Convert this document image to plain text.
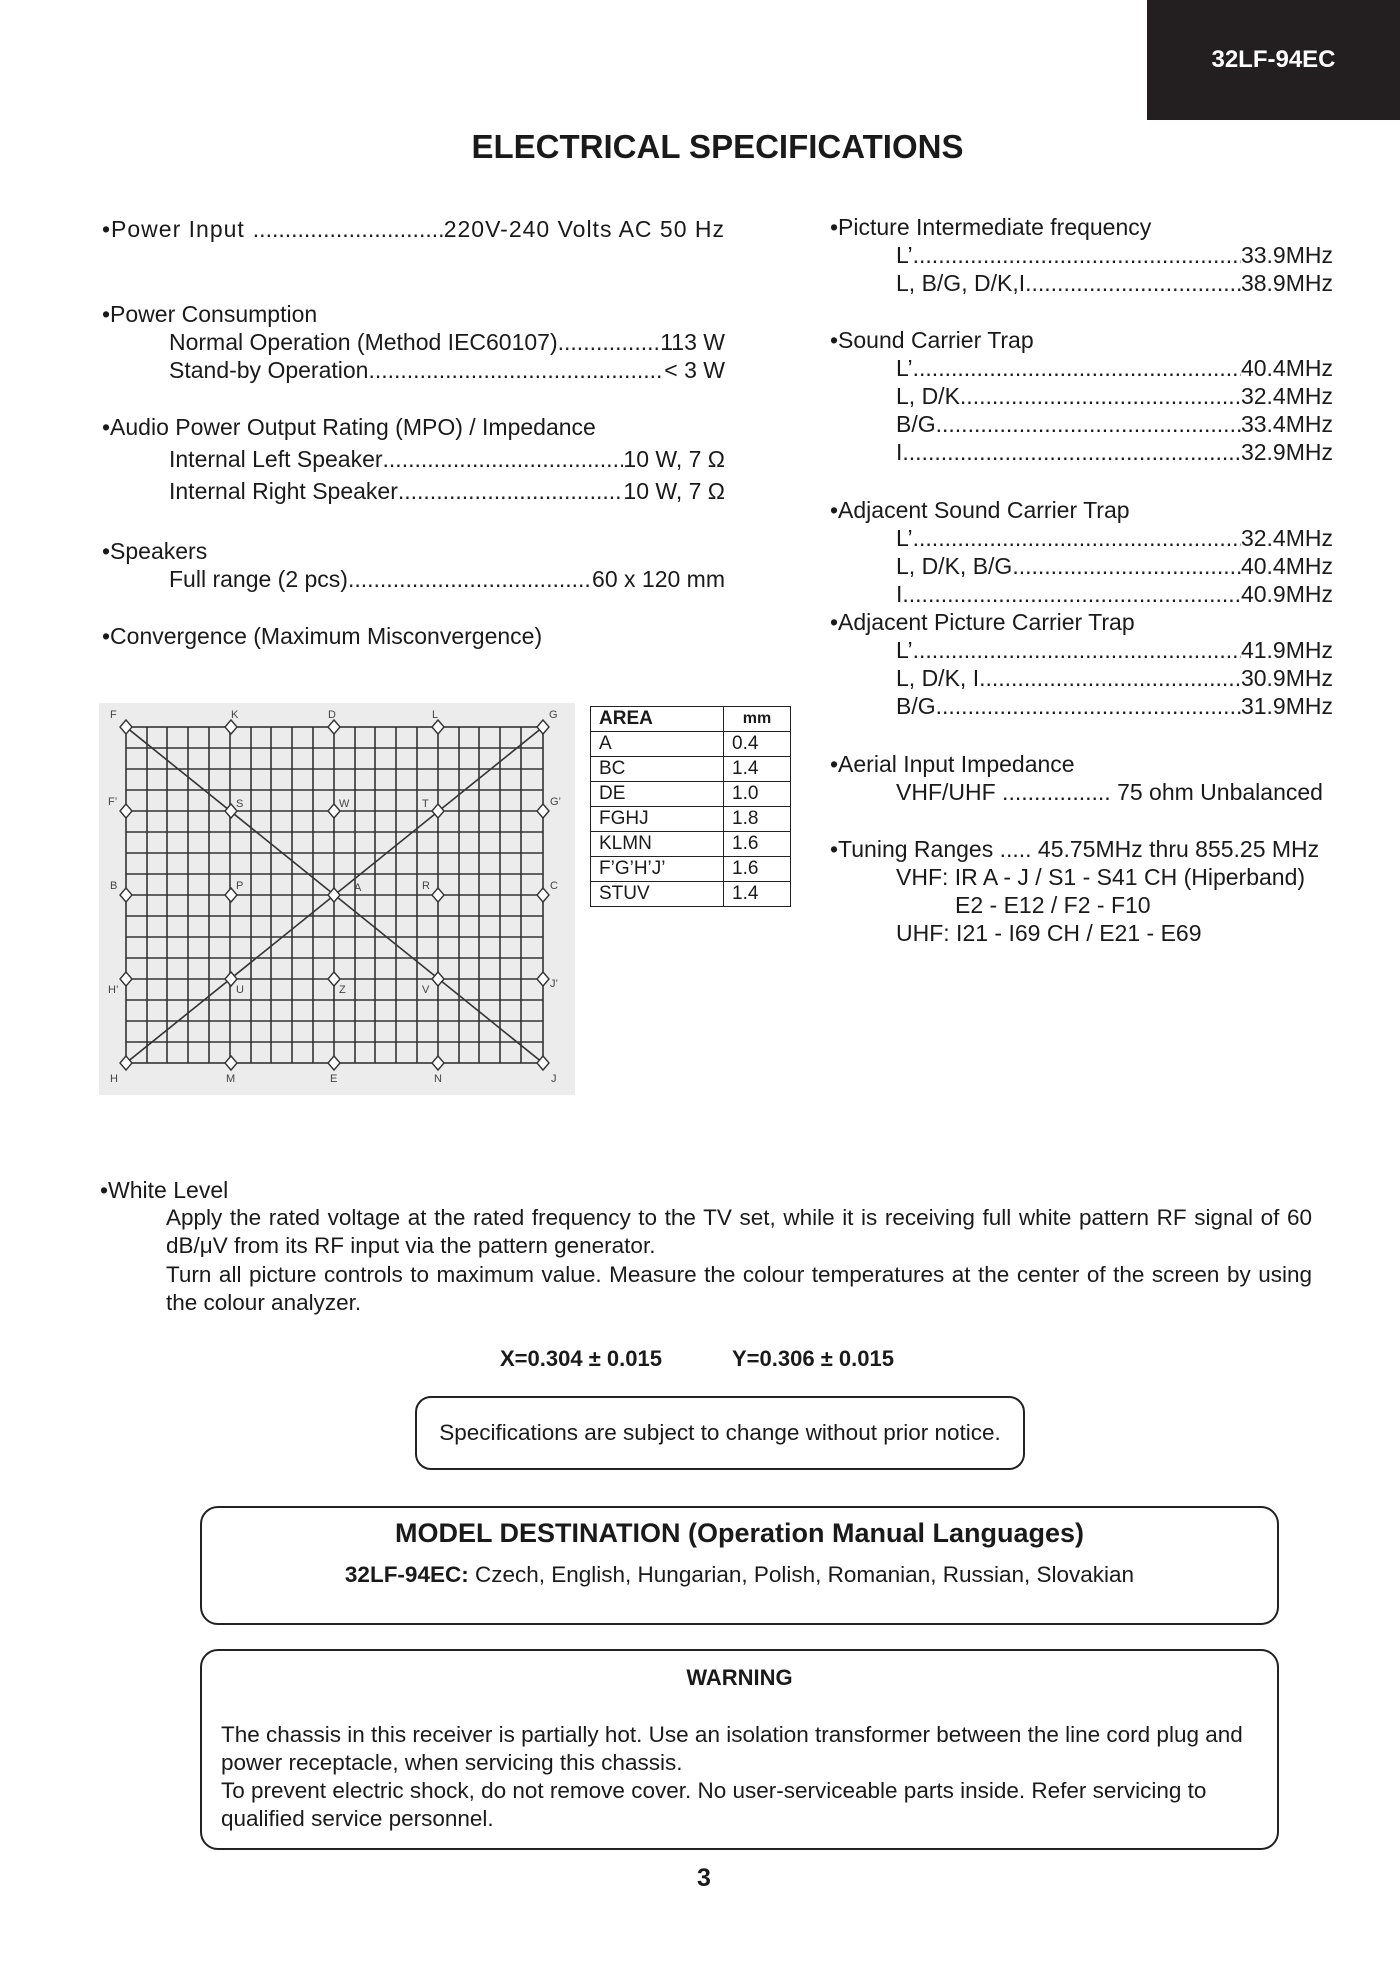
32LF-94EC
ELECTRICAL SPECIFICATIONS
•Power Input .....	220V-240 Volts AC 50 Hz
•Power Consumption
Normal Operation (Method IEC60107) .....	113 W
Stand-by Operation .....	< 3 W
•Audio Power Output Rating (MPO) / Impedance
Internal Left Speaker .....	10 W, 7 Ω
Internal Right Speaker .....	10 W, 7 Ω
•Speakers
Full range (2 pcs) .....	60 x 120 mm
•Convergence (Maximum Misconvergence)
F	K	D	L	G
F’	S	W	T	G’
B	P	A	R	C
H’	U	Z	V	J’
H	M	E	N	J
AREA	mm
A	0.4
BC	1.4
DE	1.0
FGHJ	1.8
KLMN	1.6
F’G’H’J’	1.6
STUV	1.4
•Picture Intermediate frequency
L’ .....	33.9MHz
L, B/G, D/K,I .....	38.9MHz
•Sound Carrier Trap
L’ .....	40.4MHz
L, D/K .....	32.4MHz
B/G .....	33.4MHz
I .....	32.9MHz
•Adjacent Sound Carrier Trap
L’ .....	32.4MHz
L, D/K, B/G .....	40.4MHz
I .....	40.9MHz
•Adjacent Picture Carrier Trap
L’ .....	41.9MHz
L, D/K, I .....	30.9MHz
B/G .....	31.9MHz
•Aerial Input Impedance
VHF/UHF ................. 75 ohm Unbalanced
•Tuning Ranges ..... 45.75MHz thru 855.25 MHz
VHF: IR A - J / S1 - S41 CH (Hiperband)
E2 - E12 / F2 - F10
UHF: I21 - I69 CH / E21 - E69
•White Level
Apply the rated voltage at the rated frequency to the TV set, while it is receiving full white pattern RF signal of 60 dB/μV from its RF input via the pattern generator.
Turn all picture controls to maximum value. Measure the colour temperatures at the center of the screen by using the colour analyzer.
X=0.304 ± 0.015	Y=0.306 ± 0.015
Specifications are subject to change without prior notice.
MODEL DESTINATION (Operation Manual Languages)
32LF-94EC: Czech, English, Hungarian, Polish, Romanian, Russian, Slovakian
WARNING
The chassis in this receiver is partially hot. Use an isolation transformer between the line cord plug and power receptacle, when servicing this chassis.
To prevent electric shock, do not remove cover. No user-serviceable parts inside. Refer servicing to qualified service personnel.
3
